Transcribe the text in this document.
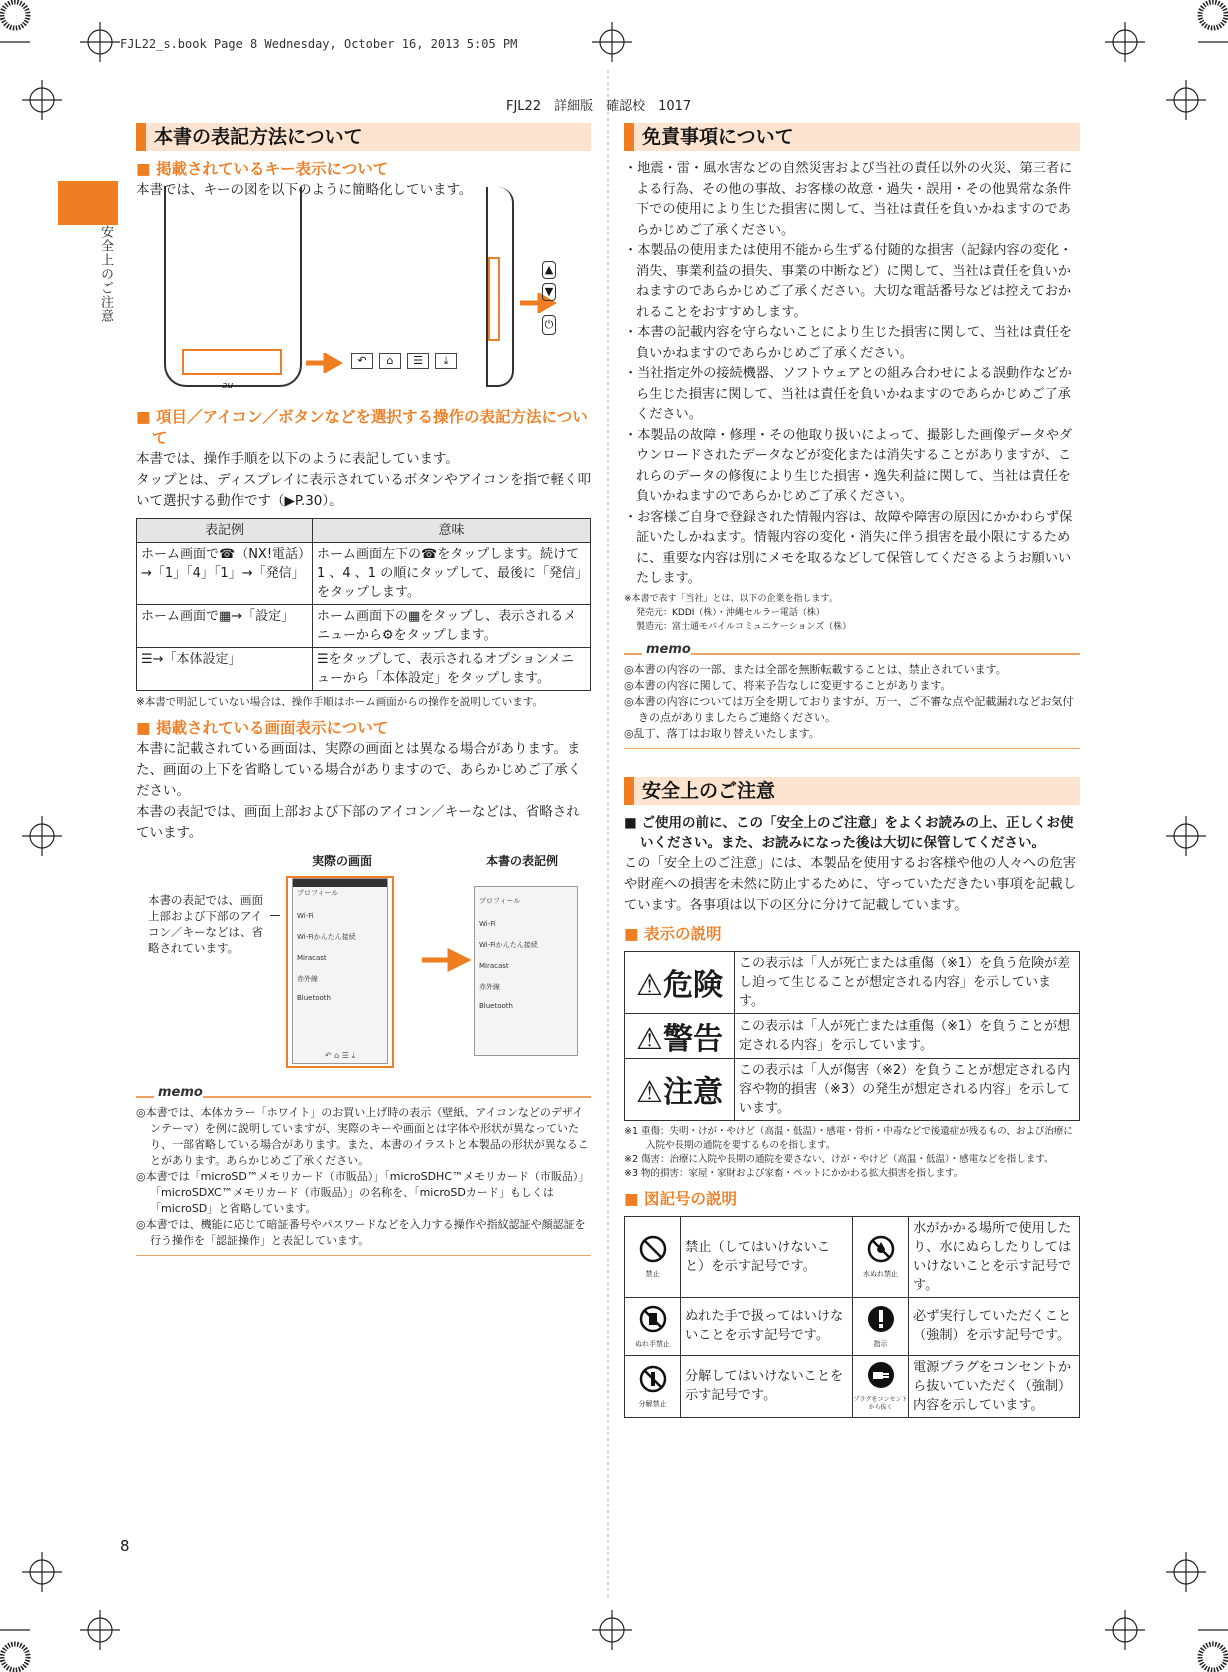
FJL22_s.book Page 8 Wednesday, October 16, 2013 5:05 PM
FJL22　詳細版　確認校　1017
安全上のご注意
8
本書の表記方法について
■ 掲載されているキー表示について
本書では、キーの図を以下のように簡略化しています。
au
↶ ⌂ ☰ ⤓
▲
▼
⏻
■ 項目／アイコン／ボタンなどを選択する操作の表記方法について
本書では、操作手順を以下のように表記しています。
タップとは、ディスプレイに表示されているボタンやアイコンを指で軽く叩いて選択する動作です（▶P.30）。
表記例	意味
ホーム画面で☎（NX!電話）→「1」「4」「1」→「発信」	ホーム画面左下の☎をタップします。続けて 1 、4 、1 の順にタップして、最後に「発信」をタップします。
ホーム画面で▦→「設定」	ホーム画面下の▦をタップし、表示されるメニューから⚙をタップします。
☰→「本体設定」	☰をタップして、表示されるオプションメニューから「本体設定」をタップします。
※本書で明記していない場合は、操作手順はホーム画面からの操作を説明しています。
■ 掲載されている画面表示について
本書に記載されている画面は、実際の画面とは異なる場合があります。また、画面の上下を省略している場合がありますので、あらかじめご了承ください。
本書の表記では、画面上部および下部のアイコン／キーなどは、省略されています。
実際の画面	本書の表記例
本書の表記では、画面上部および下部のアイコン／キーなどは、省略されています。
プロフィール
Wi-Fi
Wi-Fiかんたん接続
Miracast
赤外線
Bluetooth
↶ ⌂ ☰ ⤓
プロフィール
Wi-Fi
Wi-Fiかんたん接続
Miracast
赤外線
Bluetooth
memo
◎本書では、本体カラー「ホワイト」のお買い上げ時の表示（壁紙、アイコンなどのデザインテーマ）を例に説明していますが、実際のキーや画面とは字体や形状が異なっていたり、一部省略している場合があります。また、本書のイラストと本製品の形状が異なることがあります。あらかじめご了承ください。
◎本書では「microSD™メモリカード（市販品）」「microSDHC™メモリカード（市販品）」「microSDXC™メモリカード（市販品）」の名称を、「microSDカード」もしくは「microSD」と省略しています。
◎本書では、機能に応じて暗証番号やパスワードなどを入力する操作や指紋認証や顔認証を行う操作を「認証操作」と表記しています。
免責事項について
・地震・雷・風水害などの自然災害および当社の責任以外の火災、第三者による行為、その他の事故、お客様の故意・過失・誤用・その他異常な条件下での使用により生じた損害に関して、当社は責任を負いかねますのであらかじめご了承ください。
・本製品の使用または使用不能から生ずる付随的な損害（記録内容の変化・消失、事業利益の損失、事業の中断など）に関して、当社は責任を負いかねますのであらかじめご了承ください。大切な電話番号などは控えておかれることをおすすめします。
・本書の記載内容を守らないことにより生じた損害に関して、当社は責任を負いかねますのであらかじめご了承ください。
・当社指定外の接続機器、ソフトウェアとの組み合わせによる誤動作などから生じた損害に関して、当社は責任を負いかねますのであらかじめご了承ください。
・本製品の故障・修理・その他取り扱いによって、撮影した画像データやダウンロードされたデータなどが変化または消失することがありますが、これらのデータの修復により生じた損害・逸失利益に関して、当社は責任を負いかねますのであらかじめご了承ください。
・お客様ご自身で登録された情報内容は、故障や障害の原因にかかわらず保証いたしかねます。情報内容の変化・消失に伴う損害を最小限にするために、重要な内容は別にメモを取るなどして保管してくださるようお願いいたします。
※本書で表す「当社」とは、以下の企業を指します。
発売元：KDDI（株）・沖縄セルラー電話（株）
製造元：富士通モバイルコミュニケーションズ（株）
memo
◎本書の内容の一部、または全部を無断転載することは、禁止されています。
◎本書の内容に関して、将来予告なしに変更することがあります。
◎本書の内容については万全を期しておりますが、万一、ご不審な点や記載漏れなどお気付きの点がありましたらご連絡ください。
◎乱丁、落丁はお取り替えいたします。
安全上のご注意
■ ご使用の前に、この「安全上のご注意」をよくお読みの上、正しくお使いください。また、お読みになった後は大切に保管してください。
この「安全上のご注意」には、本製品を使用するお客様や他の人々への危害や財産への損害を未然に防止するために、守っていただきたい事項を記載しています。各事項は以下の区分に分けて記載しています。
■ 表示の説明
⚠危険	この表示は「人が死亡または重傷（※1）を負う危険が差し迫って生じることが想定される内容」を示しています。
⚠警告	この表示は「人が死亡または重傷（※1）を負うことが想定される内容」を示しています。
⚠注意	この表示は「人が傷害（※2）を負うことが想定される内容や物的損害（※3）の発生が想定される内容」を示しています。
※1 重傷：失明・けが・やけど（高温・低温）・感電・骨折・中毒などで後遺症が残るもの、および治療に入院や長期の通院を要するものを指します。
※2 傷害：治療に入院や長期の通院を要さない、けが・やけど（高温・低温）・感電などを指します。
※3 物的損害：家屋・家財および家畜・ペットにかかわる拡大損害を指します。
■ 図記号の説明
禁止	禁止（してはいけないこと）を示す記号です。	水ぬれ禁止	水がかかる場所で使用したり、水にぬらしたりしてはいけないことを示す記号です。

ぬれ手禁止	ぬれた手で扱ってはいけないことを示す記号です。	指示	必ず実行していただくこと（強制）を示す記号です。

分解禁止	分解してはいけないことを示す記号です。	プラグをコンセントから抜く	電源プラグをコンセントから抜いていただく（強制）内容を示しています。
